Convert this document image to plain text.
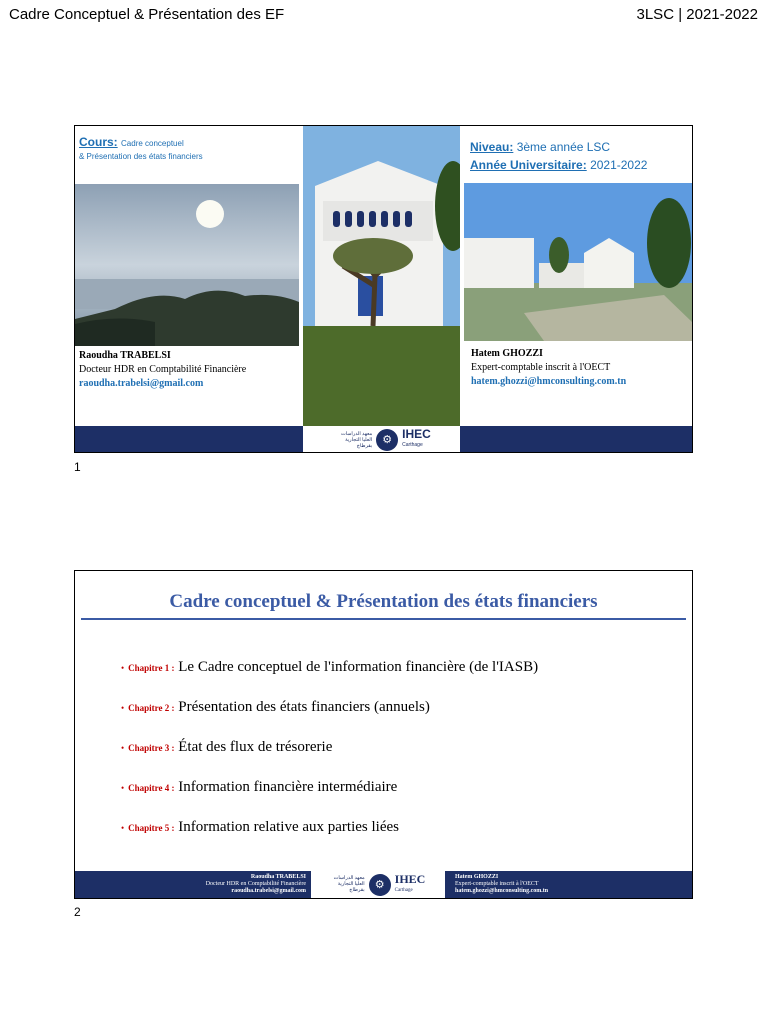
Cadre Conceptuel & Présentation des EF	3LSC | 2021-2022
Cours: Cadre conceptuel
& Présentation des états financiers
Raoudha TRABELSI
Docteur HDR en Comptabilité Financière
raoudha.trabelsi@gmail.com
معهد الدراسات العليا التجارية بقرطاج ⚙ IHEC
Carthage
Niveau: 3ème année LSC
Année Universitaire: 2021-2022
Hatem GHOZZI
Expert-comptable inscrit à l'OECT
hatem.ghozzi@hmconsulting.com.tn
1
Cadre conceptuel & Présentation des états financiers
• Chapitre 1 : Le Cadre conceptuel de l'information financière (de l'IASB)
• Chapitre 2 : Présentation des états financiers (annuels)
• Chapitre 3 : État des flux de trésorerie
• Chapitre 4 : Information financière intermédiaire
• Chapitre 5 : Information relative aux parties liées
Raoudha TRABELSI
Docteur HDR en Comptabilité Financière
raoudha.trabelsi@gmail.com
معهد الدراسات العليا التجارية بقرطاج ⚙ IHEC
Carthage
Hatem GHOZZI
Expert-comptable inscrit à l'OECT
hatem.ghozzi@hmconsulting.com.tn
2
